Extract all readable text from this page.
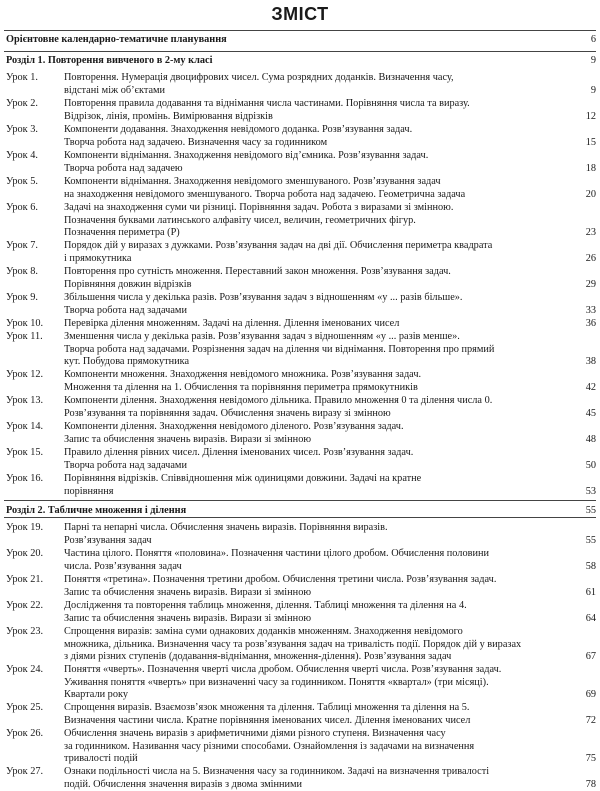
ЗМІСТ
Орієнтовне календарно-тематичне планування	6
Розділ 1. Повторення вивченого в 2-му класі	9
Урок 1.	Повторення. Нумерація двоцифрових чисел. Сума розрядних доданків. Визначення часу,
відстані між об’єктами	9
Урок 2.	Повторення правила додавання та віднімання числа частинами. Порівняння числа та виразу.
Відрізок, лінія, промінь. Вимірювання відрізків	12
Урок 3.	Компоненти додавання. Знаходження невідомого доданка. Розв’язування задач.
Творча робота над задачею. Визначення часу за годинником	15
Урок 4.	Компоненти віднімання. Знаходження невідомого від’ємника. Розв’язування задач.
Творча робота над задачею	18
Урок 5.	Компоненти віднімання. Знаходження невідомого зменшуваного. Розв’язування задач
на знаходження невідомого зменшуваного. Творча робота над задачею. Геометрична задача	20
Урок 6.	Задачі на знаходження суми чи різниці. Порівняння задач. Робота з виразами зі змінною.
Позначення буквами латинського алфавіту чисел, величин, геометричних фігур.
Позначення периметра (P)	23
Урок 7.	Порядок дій у виразах з дужками. Розв’язування задач на дві дії. Обчислення периметра квадрата
і прямокутника	26
Урок 8.	Повторення про сутність множення. Переставний закон множення. Розв’язування задач.
Порівняння довжин відрізків	29
Урок 9.	Збільшення числа у декілька разів. Розв’язування задач з відношенням «у ... разів більше».
Творча робота над задачами	33
Урок 10. Перевірка ділення множенням. Задачі на ділення. Ділення іменованих чисел	36
Урок 11. Зменшення числа у декілька разів. Розв’язування задач з відношенням «у ... разів менше».
Творча робота над задачами. Розрізнення задач на ділення чи віднімання. Повторення про прямий
кут. Побудова прямокутника	38
Урок 12. Компоненти множення. Знаходження невідомого множника. Розв’язування задач.
Множення та ділення на 1. Обчислення та порівняння периметра прямокутників	42
Урок 13. Компоненти ділення. Знаходження невідомого дільника. Правило множення 0 та ділення числа 0.
Розв’язування та порівняння задач. Обчислення значень виразу зі змінною	45
Урок 14. Компоненти ділення. Знаходження невідомого діленого. Розв’язування задач.
Запис та обчислення значень виразів. Вирази зі змінною	48
Урок 15. Правило ділення рівних чисел. Ділення іменованих чисел. Розв’язування задач.
Творча робота над задачами	50
Урок 16. Порівняння відрізків. Співвідношення між одиницями довжини. Задачі на кратне
порівняння	53
Розділ 2. Табличне множення і ділення	55
Урок 19. Парні та непарні числа. Обчислення значень виразів. Порівняння виразів.
Розв’язування задач	55
Урок 20. Частина цілого. Поняття «половина». Позначення частини цілого дробом. Обчислення половини
числа. Розв’язування задач	58
Урок 21. Поняття «третина». Позначення третини дробом. Обчислення третини числа. Розв’язування задач.
Запис та обчислення значень виразів. Вирази зі змінною	61
Урок 22. Дослідження та повторення таблиць множення, ділення. Таблиці множення та ділення на 4.
Запис та обчислення значень виразів. Вирази зі змінною	64
Урок 23. Спрощення виразів: заміна суми однакових доданків множенням. Знаходження невідомого
множника, дільника. Визначення часу та розв’язування задач на тривалість події. Порядок дій у виразах
з діями різних ступенів (додавання-віднімання, множення-ділення). Розв’язування задач	67
Урок 24. Поняття «чверть». Позначення чверті числа дробом. Обчислення чверті числа. Розв’язування задач.
Уживання поняття «чверть» при визначенні часу за годинником. Поняття «квартал» (три місяці).
Квартали року	69
Урок 25. Спрощення виразів. Взаємозв’язок множення та ділення. Таблиці множення та ділення на 5.
Визначення частини числа. Кратне порівняння іменованих чисел. Ділення іменованих чисел	72
Урок 26. Обчислення значень виразів з арифметичними діями різного ступеня. Визначення часу
за годинником. Називання часу різними способами. Ознайомлення із задачами на визначення
тривалості подій	75
Урок 27. Ознаки подільності числа на 5. Визначення часу за годинником. Задачі на визначення тривалості
подій. Обчислення значення виразів з двома змінними	78
